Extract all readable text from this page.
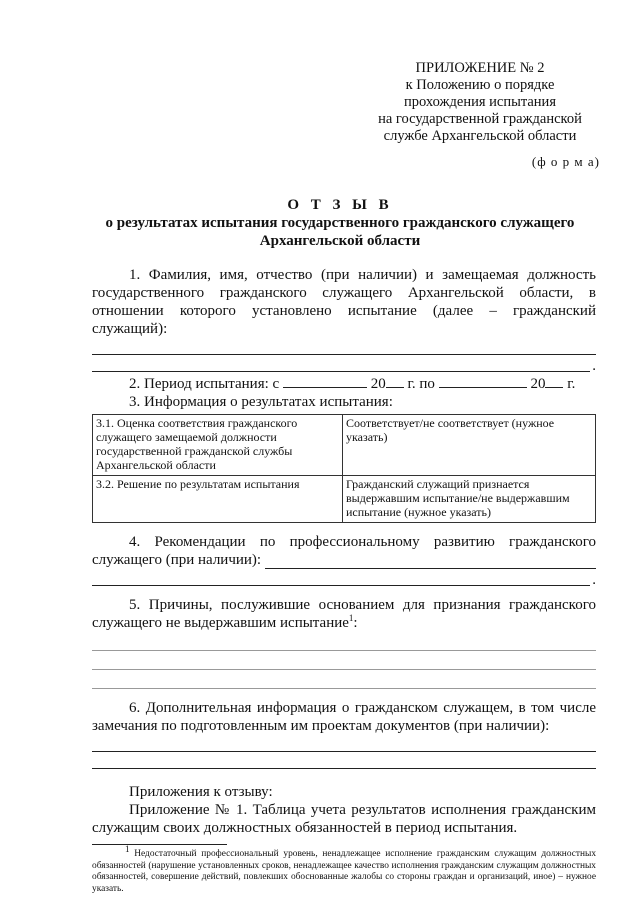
ПРИЛОЖЕНИЕ № 2
к Положению о порядке
прохождения испытания
на государственной гражданской
службе Архангельской области
(ф о р м а)
О Т З Ы В
о результатах испытания государственного гражданского служащего
Архангельской области

1. Фамилия, имя, отчество (при наличии) и замещаемая должность государственного гражданского служащего Архангельской области, в отношении которого установлено испытание (далее – гражданский служащий):

.
2. Период испытания: с	20 г. по	20 г.

3. Информация о результатах испытания:

3.1. Оценка соответствия гражданского служащего замещаемой должности государственной гражданской службы Архангельской области	Соответствует/не соответствует (нужное указать)
3.2. Решение по результатам испытания	Гражданский служащий признается выдержавшим испытание/не выдержавшим испытание (нужное указать)

4. Рекомендации по профессиональному развитию гражданского

служащего (при наличии):
.

5. Причины, послужившие основанием для признания гражданского

служащего не выдержавшим испытание$^1$:

6. Дополнительная информация о гражданском служащем, в том числе замечания по подготовленным им проектам документов (при наличии):

Приложения к отзыву:

Приложение № 1. Таблица учета результатов исполнения гражданским служащим своих должностных обязанностей в период испытания.

$^1$ Недостаточный профессиональный уровень, ненадлежащее исполнение гражданским служащим должностных обязанностей (нарушение установленных сроков, ненадлежащее качество исполнения гражданским служащим должностных обязанностей, совершение действий, повлекших обоснованные жалобы со стороны граждан и организаций, иное) – нужное указать.
